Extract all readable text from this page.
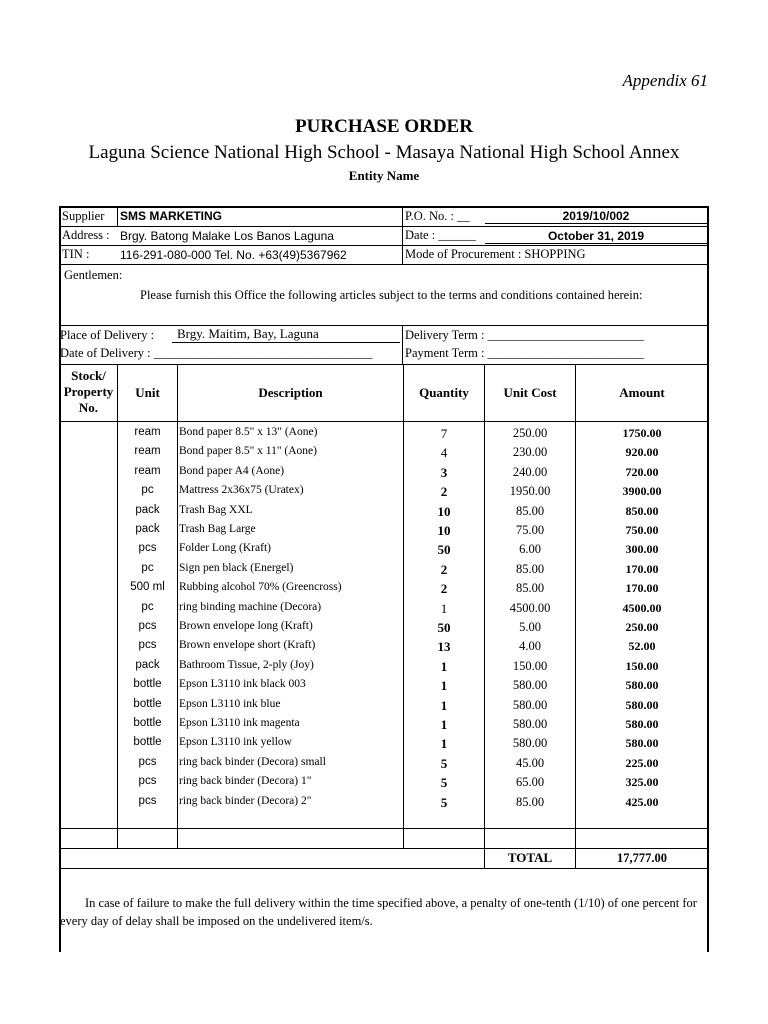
Appendix 61
PURCHASE ORDER
Laguna Science National High School - Masaya National High School Annex
Entity Name
Supplier SMS MARKETING
Address : Brgy. Batong Malake Los Banos Laguna
TIN :	116-291-080-000 Tel. No. +63(49)5367962
P.O. No. : __	2019/10/002
Date : ______	October 31, 2019
Mode of Procurement : SHOPPING
Gentlemen:
Please furnish this Office the following articles subject to the terms and conditions contained herein:
Place of Delivery :	Brgy. Maitim, Bay, Laguna
Date of Delivery : ___________________________________
Delivery Term : _________________________
Payment Term : _________________________
Stock/ Property No.
Unit	Description	Quantity	Unit Cost	Amount
ream	Bond paper 8.5" x 13" (Aone)	7	250.00	1750.00
ream	Bond paper 8.5" x 11" (Aone)	4	230.00	920.00
ream	Bond paper A4 (Aone)	3	240.00	720.00
pc	Mattress 2x36x75 (Uratex)	2	1950.00	3900.00
pack	Trash Bag XXL	10	85.00	850.00
pack	Trash Bag Large	10	75.00	750.00
pcs	Folder Long (Kraft)	50	6.00	300.00
pc	Sign pen black (Energel)	2	85.00	170.00
500 ml	Rubbing alcohol 70% (Greencross)	2	85.00	170.00
pc	ring binding machine (Decora)	1	4500.00	4500.00
pcs	Brown envelope long (Kraft)	50	5.00	250.00
pcs	Brown envelope short (Kraft)	13	4.00	52.00
pack	Bathroom Tissue, 2-ply (Joy)	1	150.00	150.00
bottle	Epson L3110 ink black 003	1	580.00	580.00
bottle	Epson L3110 ink blue	1	580.00	580.00
bottle	Epson L3110 ink magenta	1	580.00	580.00
bottle	Epson L3110 ink yellow	1	580.00	580.00
pcs	ring back binder (Decora) small	5	45.00	225.00
pcs	ring back binder (Decora) 1"	5	65.00	325.00
pcs	ring back binder (Decora) 2"	5	85.00	425.00
TOTAL	17,777.00
In case of failure to make the full delivery within the time specified above, a penalty of one-tenth (1/10) of one percent for every day of delay shall be imposed on the undelivered item/s.
